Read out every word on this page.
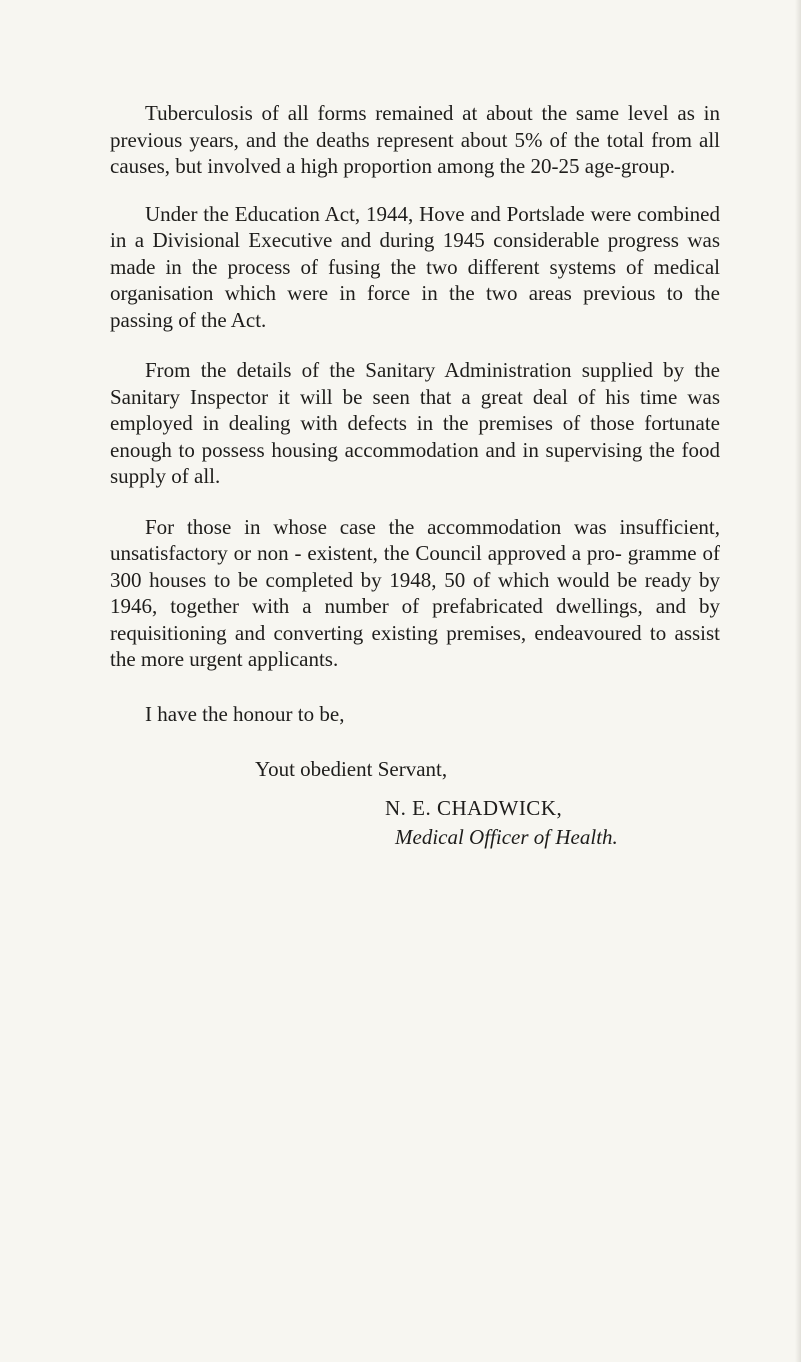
Tuberculosis of all forms remained at about the same level as in previous years, and the deaths represent about 5% of the total from all causes, but involved a high proportion among the 20-25 age-group.

Under the Education Act, 1944, Hove and Portslade were combined in a Divisional Executive and during 1945 considerable progress was made in the process of fusing the two different systems of medical organisation which were in force in the two areas previous to the passing of the Act.

From the details of the Sanitary Administration supplied by the Sanitary Inspector it will be seen that a great deal of his time was employed in dealing with defects in the premises of those fortunate enough to possess housing accommodation and in supervising the food supply of all.

For those in whose case the accommodation was insufficient, unsatisfactory or non - existent, the Council approved a pro- gramme of 300 houses to be completed by 1948, 50 of which would be ready by 1946, together with a number of prefabricated dwellings, and by requisitioning and converting existing premises, endeavoured to assist the more urgent applicants.

I have the honour to be,
Yout obedient Servant,
N. E. CHADWICK,
Medical Officer of Health.
